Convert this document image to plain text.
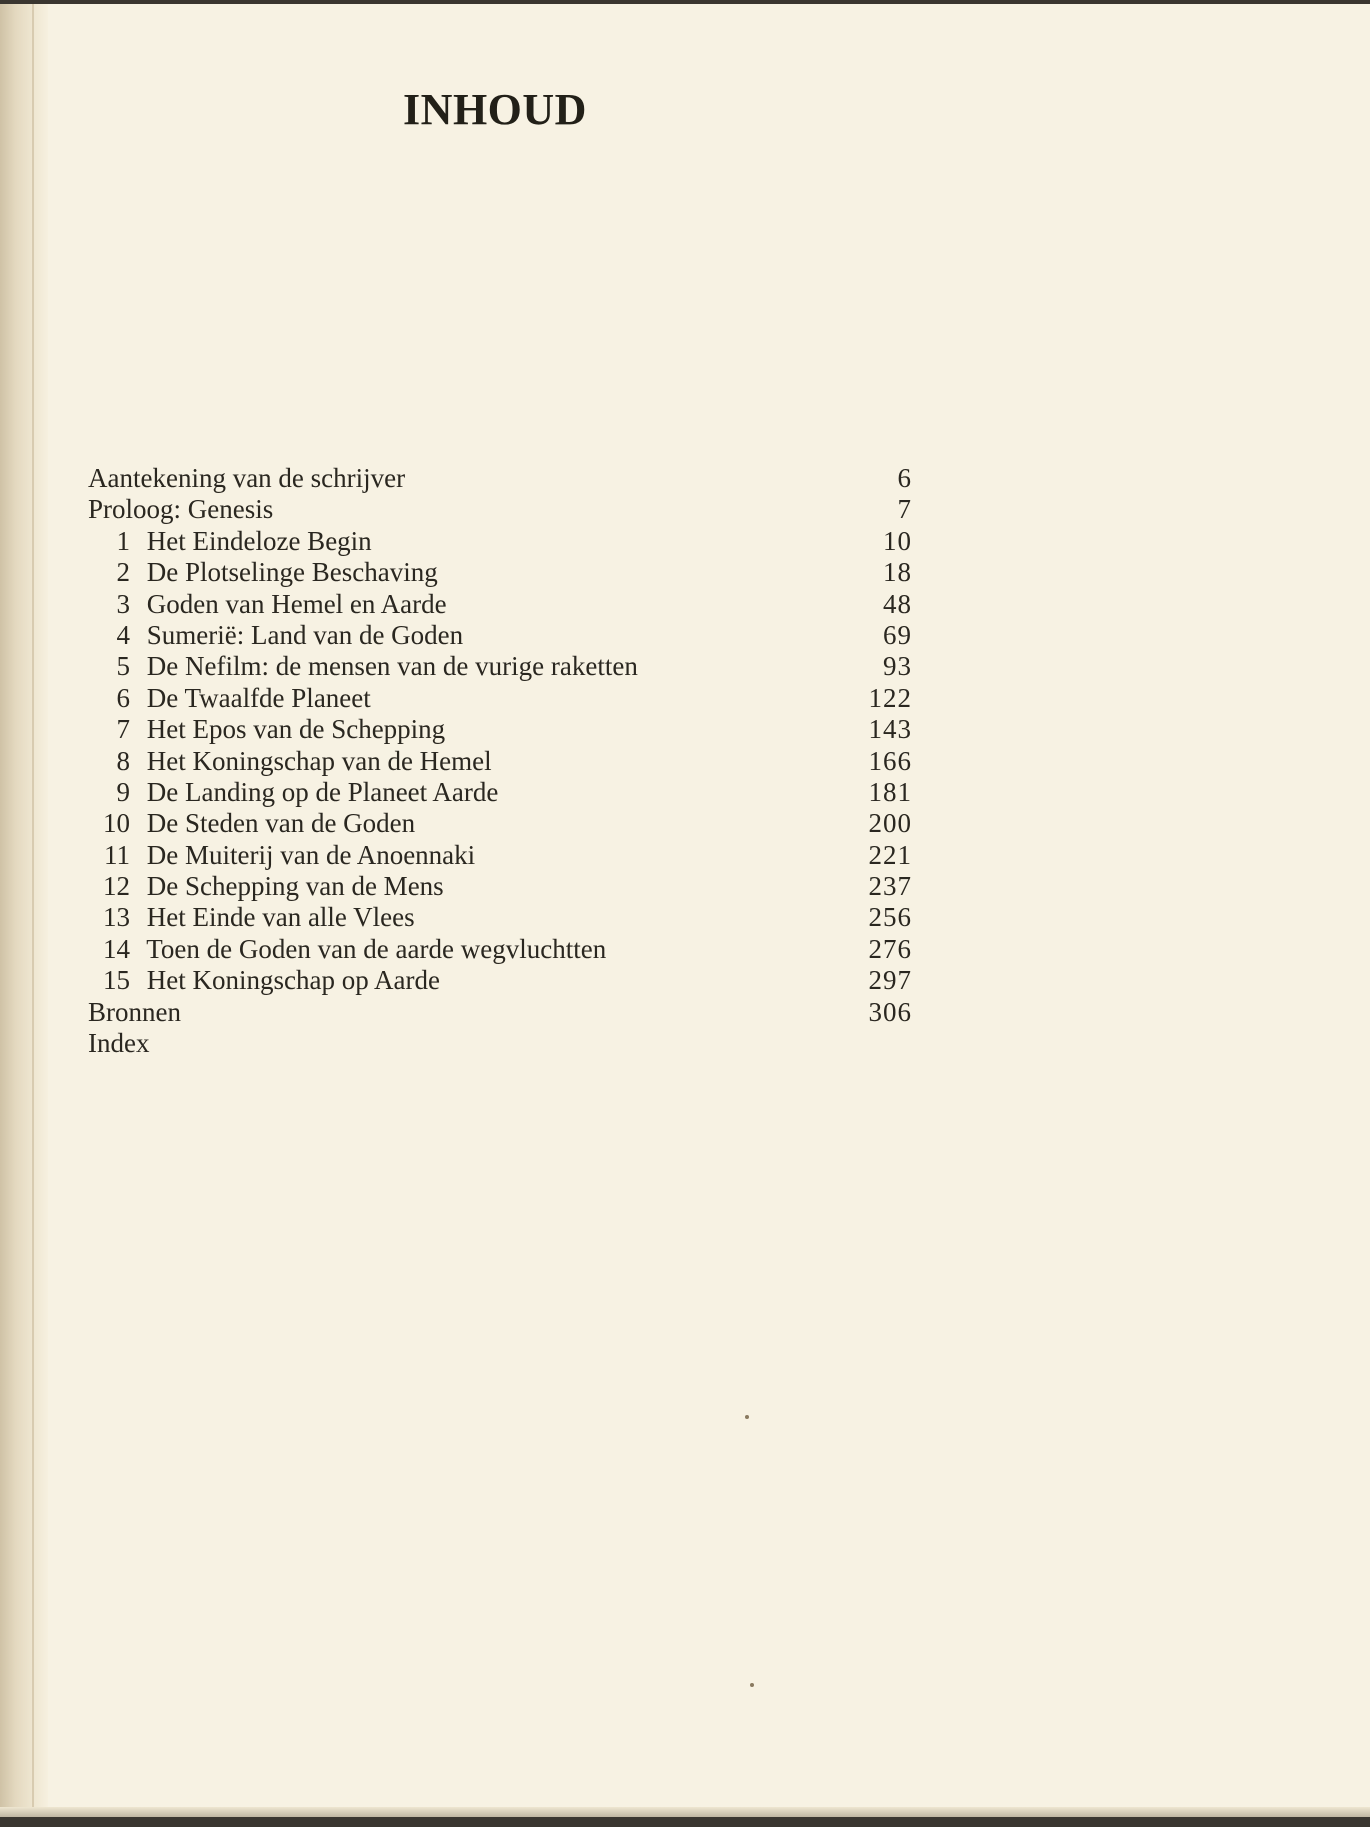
INHOUD
Aantekening van de schrijver	6
Proloog: Genesis	7
1 Het Eindeloze Begin	10
2 De Plotselinge Beschaving	18
3 Goden van Hemel en Aarde	48
4 Sumerië: Land van de Goden	69
5 De Nefilm: de mensen van de vurige raketten	93
6 De Twaalfde Planeet	122
7 Het Epos van de Schepping	143
8 Het Koningschap van de Hemel	166
9 De Landing op de Planeet Aarde	181
10 De Steden van de Goden	200
11 De Muiterij van de Anoennaki	221
12 De Schepping van de Mens	237
13 Het Einde van alle Vlees	256
14 Toen de Goden van de aarde wegvluchtten	276
15 Het Koningschap op Aarde	297
Bronnen	306
Index
